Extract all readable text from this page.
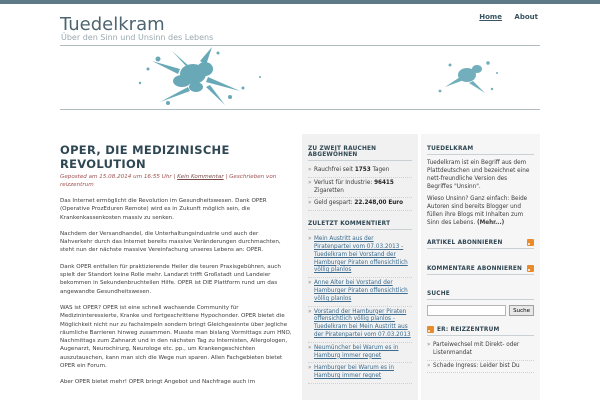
Tuedelkram
Über den Sinn und Unsinn des Lebens
Home About
OPER, DIE MEDIZINISCHE REVOLUTION
Geposted am 15.08.2014 um 16:55 Uhr | Kein Kommentar | Geschrieben von reizzentrum

Das Internet ermöglicht die Revolution im Gesundheitswesen. Dank OPER (Operative ProzEduren Remote) wird es in Zukunft möglich sein, die Krankenkassenkosten massiv zu senken.

Nachdem der Versandhandel, die Unterhaltungsindustrie und auch der Nahverkehr durch das Internet bereits massive Veränderungen durchmachten, steht nun der nächste massive Vereinfachung unseres Lebens an: OPER.

Dank OPER entfallen für praktizierende Heiler die teuren Praxisgebühren, auch spielt der Standort keine Rolle mehr. Landarzt trifft Großstadt und Landeier bekommen in Sekundenbruchteilen Hilfe. OPER ist DIE Plattform rund um das angewandte Gesundheitswesen.

WAS ist OPER? OPER ist eine schnell wachsende Community für Medizininteressierte, Kranke und fortgeschrittene Hypochonder. OPER bietet die Möglichkeit nicht nur zu fachsimpeln sondern bringt Gleichgesinnte über jegliche räumliche Barrieren hinweg zusammen. Musste man bislang Vormittags zum HNO, Nachmittags zum Zahnarzt und in den nächsten Tag zu Internisten, Allergologen, Augenarzt, Neurochirurg, Neurologe etc. pp., um Krankengeschichten auszutauschen, kann man sich die Wege nun sparen. Allen Fachgebieten bietet OPER ein Forum.

Aber OPER bietet mehr! OPER bringt Angebot und Nachfrage auch im

ZU ZWEIT RAUCHEN ABGEWÖHNEN
» Rauchfrei seit 1753 Tagen
» Verlust für Industrie: 96415 Zigaretten
» Geld gespart: 22.248,00 Euro
ZULETZT KOMMENTIERT
» Mein Austritt aus der Piratenpartei vom 07.03.2013 - Tuedelkram bei Vorstand der Hamburger Piraten offensichtlich völlig planlos
» Anne Alter bei Vorstand der Hamburger Piraten offensichtlich völlig planlos
» Vorstand der Hamburger Piraten offensichtlich völlig planlos - Tuedelkram bei Mein Austritt aus der Piratenpartei vom 07.03.2013
» Neumüncher bei Warum es in Hamburg immer regnet
» Hamburger bei Warum es in Hamburg immer regnet
TUEDELKRAM
Tuedelkram ist ein Begriff aus dem Plattdeutschen und bezeichnet eine nett-freundliche Version des Begriffes "Unsinn".
Wieso Unsinn? Ganz einfach: Beide Autoren sind bereits Blogger und füllen ihre Blogs mit Inhalten zum Sinn des Lebens. (Mehr...)
ARTIKEL ABONNIEREN
KOMMENTARE ABONNIEREN
SUCHE
Suche
ER: REIZZENTRUM
» Parteiwechsel mit Direkt- oder Listenmandat
» Schade Ingress: Leider bist Du
